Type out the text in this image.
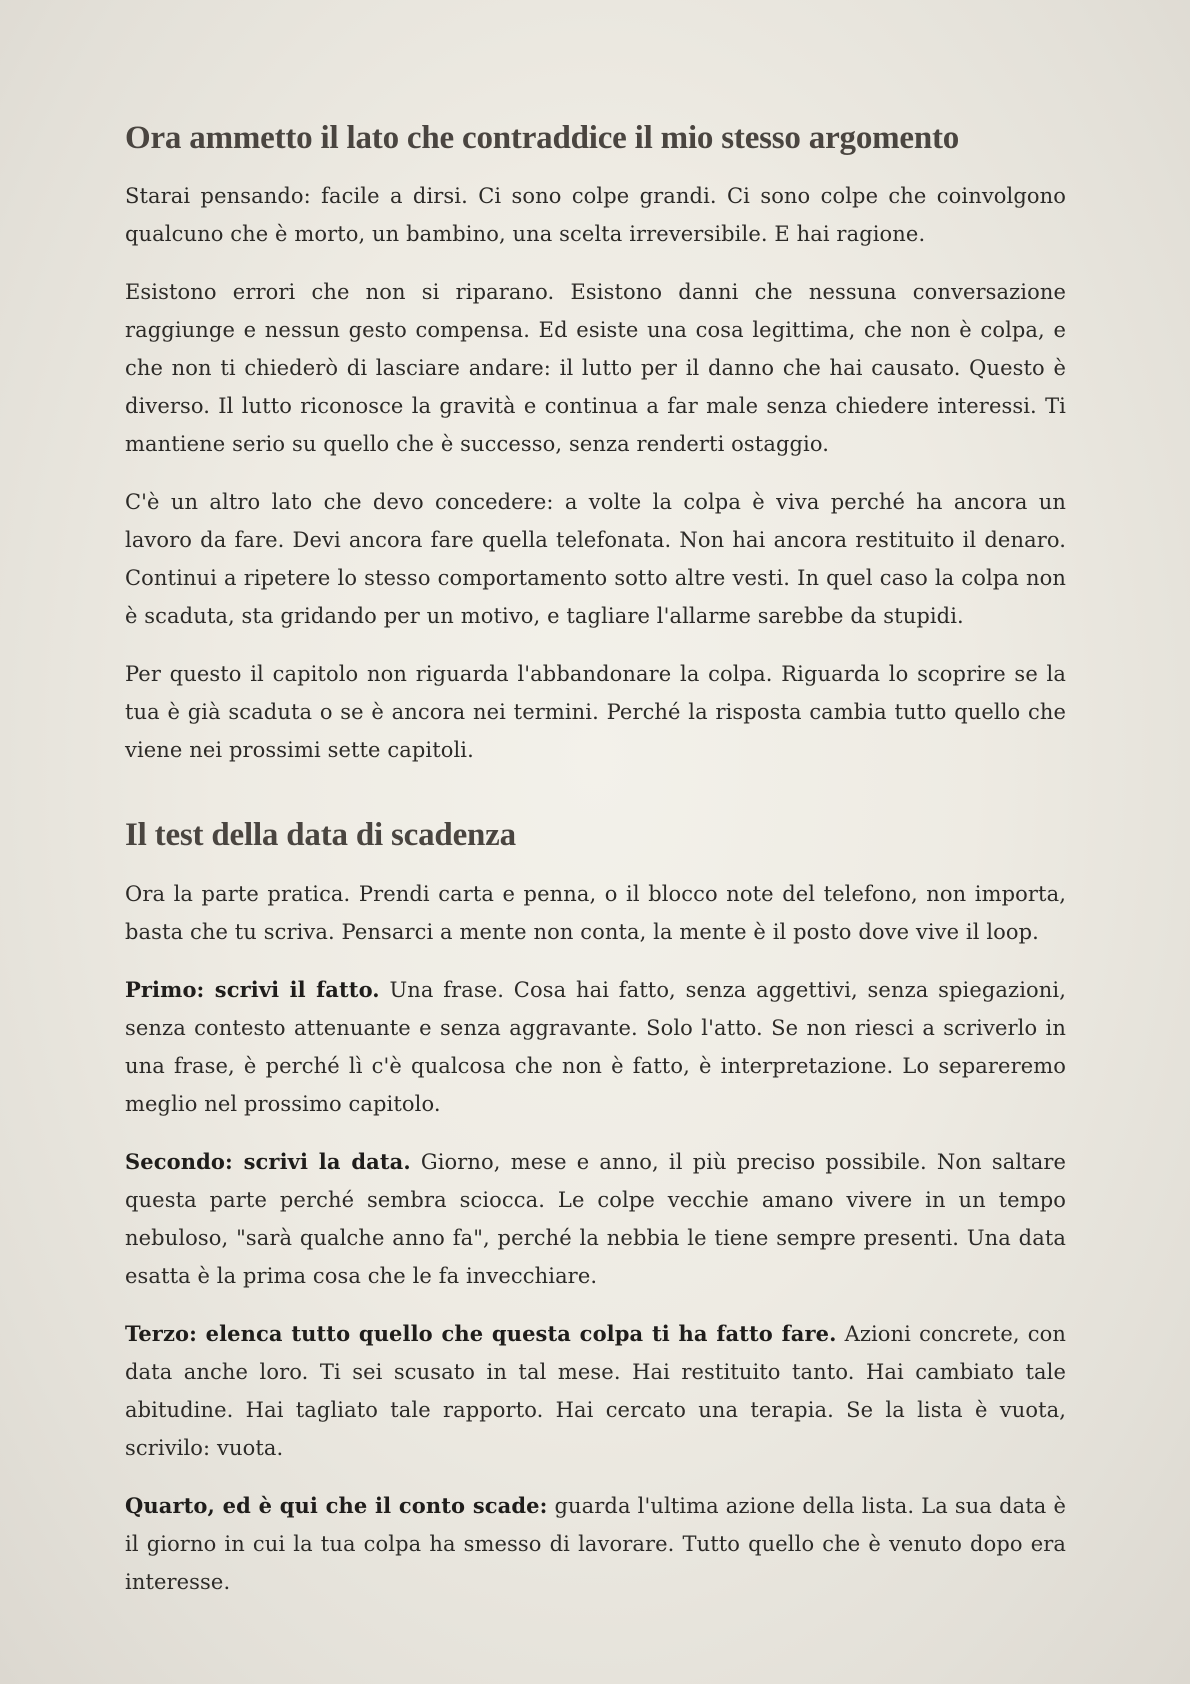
Ora ammetto il lato che contraddice il mio stesso argomento

Starai pensando: facile a dirsi. Ci sono colpe grandi. Ci sono colpe che coinvolgono qualcuno che è morto, un bambino, una scelta irreversibile. E hai ragione.

Esistono errori che non si riparano. Esistono danni che nessuna conversazione raggiunge e nessun gesto compensa. Ed esiste una cosa legittima, che non è colpa, e che non ti chiederò di lasciare andare: il lutto per il danno che hai causato. Questo è diverso. Il lutto riconosce la gravità e continua a far male senza chiedere interessi. Ti mantiene serio su quello che è successo, senza renderti ostaggio.

C'è un altro lato che devo concedere: a volte la colpa è viva perché ha ancora un lavoro da fare. Devi ancora fare quella telefonata. Non hai ancora restituito il denaro. Continui a ripetere lo stesso comportamento sotto altre vesti. In quel caso la colpa non è scaduta, sta gridando per un motivo, e tagliare l'allarme sarebbe da stupidi.

Per questo il capitolo non riguarda l'abbandonare la colpa. Riguarda lo scoprire se la tua è già scaduta o se è ancora nei termini. Perché la risposta cambia tutto quello che viene nei prossimi sette capitoli.

Il test della data di scadenza

Ora la parte pratica. Prendi carta e penna, o il blocco note del telefono, non importa, basta che tu scriva. Pensarci a mente non conta, la mente è il posto dove vive il loop.

Primo: scrivi il fatto. Una frase. Cosa hai fatto, senza aggettivi, senza spiegazioni, senza contesto attenuante e senza aggravante. Solo l'atto. Se non riesci a scriverlo in una frase, è perché lì c'è qualcosa che non è fatto, è interpretazione. Lo separeremo meglio nel prossimo capitolo.

Secondo: scrivi la data. Giorno, mese e anno, il più preciso possibile. Non saltare questa parte perché sembra sciocca. Le colpe vecchie amano vivere in un tempo nebuloso, "sarà qualche anno fa", perché la nebbia le tiene sempre presenti. Una data esatta è la prima cosa che le fa invecchiare.

Terzo: elenca tutto quello che questa colpa ti ha fatto fare. Azioni concrete, con data anche loro. Ti sei scusato in tal mese. Hai restituito tanto. Hai cambiato tale abitudine. Hai tagliato tale rapporto. Hai cercato una terapia. Se la lista è vuota, scrivilo: vuota.

Quarto, ed è qui che il conto scade: guarda l'ultima azione della lista. La sua data è il giorno in cui la tua colpa ha smesso di lavorare. Tutto quello che è venuto dopo era interesse.
